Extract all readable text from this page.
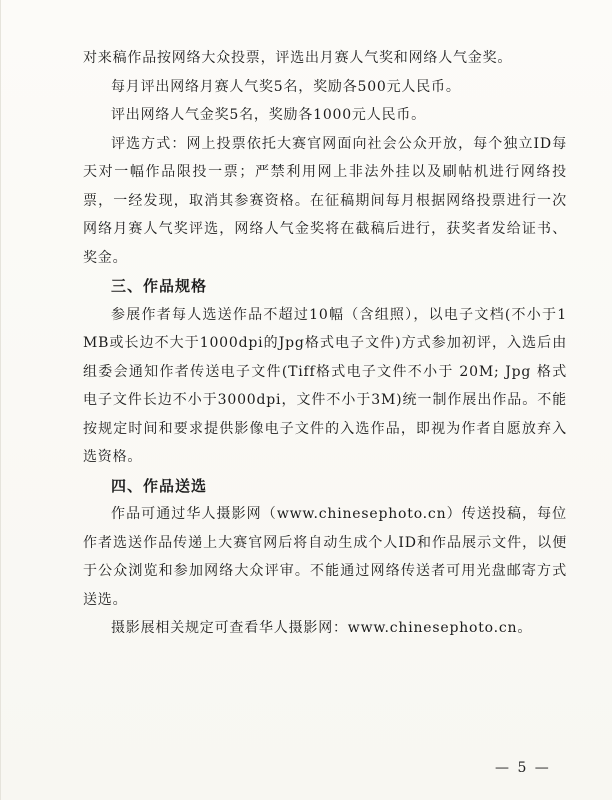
对来稿作品按网络大众投票，评选出月赛人气奖和网络人气金奖。

每月评出网络月赛人气奖5名，奖励各500元人民币。

评出网络人气金奖5名，奖励各1000元人民币。

评选方式：网上投票依托大赛官网面向社会公众开放，每个独立ID每天对一幅作品限投一票；严禁利用网上非法外挂以及刷帖机进行网络投票，一经发现，取消其参赛资格。在征稿期间每月根据网络投票进行一次网络月赛人气奖评选，网络人气金奖将在截稿后进行，获奖者发给证书、奖金。

三、作品规格

参展作者每人选送作品不超过10幅（含组照），以电子文档(不小于1MB或长边不大于1000dpi的Jpg格式电子文件)方式参加初评，入选后由组委会通知作者传送电子文件(Tiff格式电子文件不小于 20M; Jpg 格式电子文件长边不小于3000dpi，文件不小于3M)统一制作展出作品。不能按规定时间和要求提供影像电子文件的入选作品，即视为作者自愿放弃入选资格。

四、作品送选

作品可通过华人摄影网（www.chinesephoto.cn）传送投稿，每位作者选送作品传递上大赛官网后将自动生成个人ID和作品展示文件，以便于公众浏览和参加网络大众评审。不能通过网络传送者可用光盘邮寄方式送选。

摄影展相关规定可查看华人摄影网：www.chinesephoto.cn。

— 5 —
